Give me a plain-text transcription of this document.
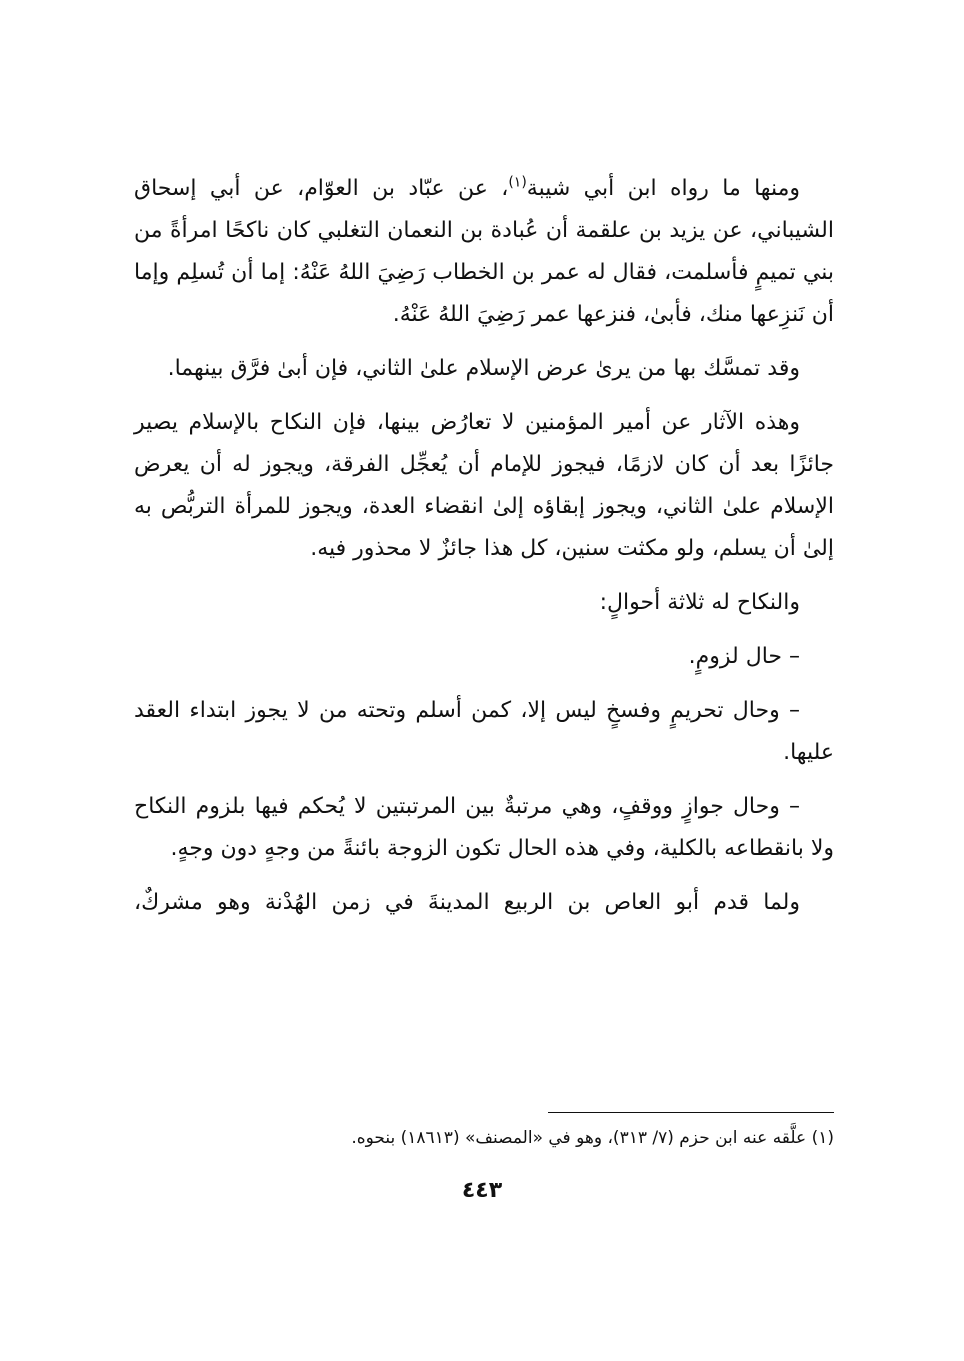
ومنها ما رواه ابن أبي شيبة$^{(١)}$، عن عبّاد بن العوّام، عن أبي إسحاق الشيباني، عن يزيد بن علقمة أن عُبادة بن النعمان التغلبي كان ناكحًا امرأةً من بني تميمٍ فأسلمت، فقال له عمر بن الخطاب رَضِيَ اللهُ عَنْهُ: إما أن تُسلِم وإما أن نَنزِعها منك، فأبىٰ، فنزعها عمر رَضِيَ اللهُ عَنْهُ.

وقد تمسَّك بها من يرىٰ عرض الإسلام علىٰ الثاني، فإن أبىٰ فرَّق بينهما.

وهذه الآثار عن أمير المؤمنين لا تعارُض بينها، فإن النكاح بالإسلام يصير جائزًا بعد أن كان لازمًا، فيجوز للإمام أن يُعجِّل الفرقة، ويجوز له أن يعرض الإسلام علىٰ الثاني، ويجوز إبقاؤه إلىٰ انقضاء العدة، ويجوز للمرأة التربُّص به إلىٰ أن يسلم، ولو مكثت سنين، كل هذا جائزٌ لا محذور فيه.

والنكاح له ثلاثة أحوالٍ:

– حال لزومٍ.

– وحال تحريمٍ وفسخٍ ليس إلا، كمن أسلم وتحته من لا يجوز ابتداء العقد عليها.

– وحال جوازٍ ووقفٍ، وهي مرتبةٌ بين المرتبتين لا يُحكم فيها بلزوم النكاح ولا بانقطاعه بالكلية، وفي هذه الحال تكون الزوجة بائنةً من وجهٍ دون وجهٍ.

ولما قدم أبو العاص بن الربيع المدينةَ في زمن الهُدْنة وهو مشركٌ،

(١) علَّقه عنه ابن حزم (٧/ ٣١٣)، وهو في «المصنف» (١٨٦١٣) بنحوه.
٤٤٣
